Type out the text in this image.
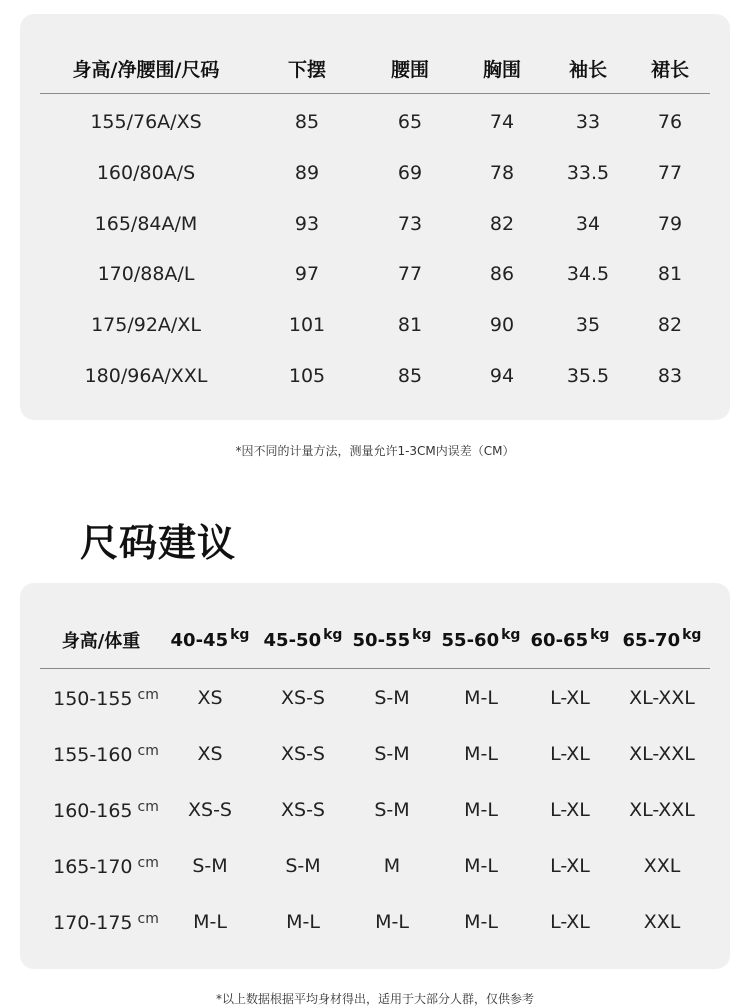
身高/净腰围/尺码	下摆	腰围	胸围	袖长	裙长
155/76A/XS	85	65	74	33	76
160/80A/S	89	69	78	33.5	77
165/84A/M	93	73	82	34	79
170/88A/L	97	77	86	34.5	81
175/92A/XL	101	81	90	35	82
180/96A/XXL	105	85	94	35.5	83
*因不同的计量方法，测量允许1-3CM内误差（CM）
尺码建议
身高/体重	40-45 $^{kg}$ 45-50 $^{kg}$ 50-55 $^{kg}$ 55-60 $^{kg}$ 60-65 $^{kg}$ 65-70 $^{kg}$
150-155 $^{cm}$	XS	XS-S	S-M	M-L	L-XL	XL-XXL
155-160 $^{cm}$	XS	XS-S	S-M	M-L	L-XL	XL-XXL
160-165 $^{cm}$	XS-S	XS-S	S-M	M-L	L-XL	XL-XXL
165-170 $^{cm}$	S-M	S-M	M	M-L	L-XL	XXL
170-175 $^{cm}$	M-L	M-L	M-L	M-L	L-XL	XXL
*以上数据根据平均身材得出，适用于大部分人群，仅供参考
